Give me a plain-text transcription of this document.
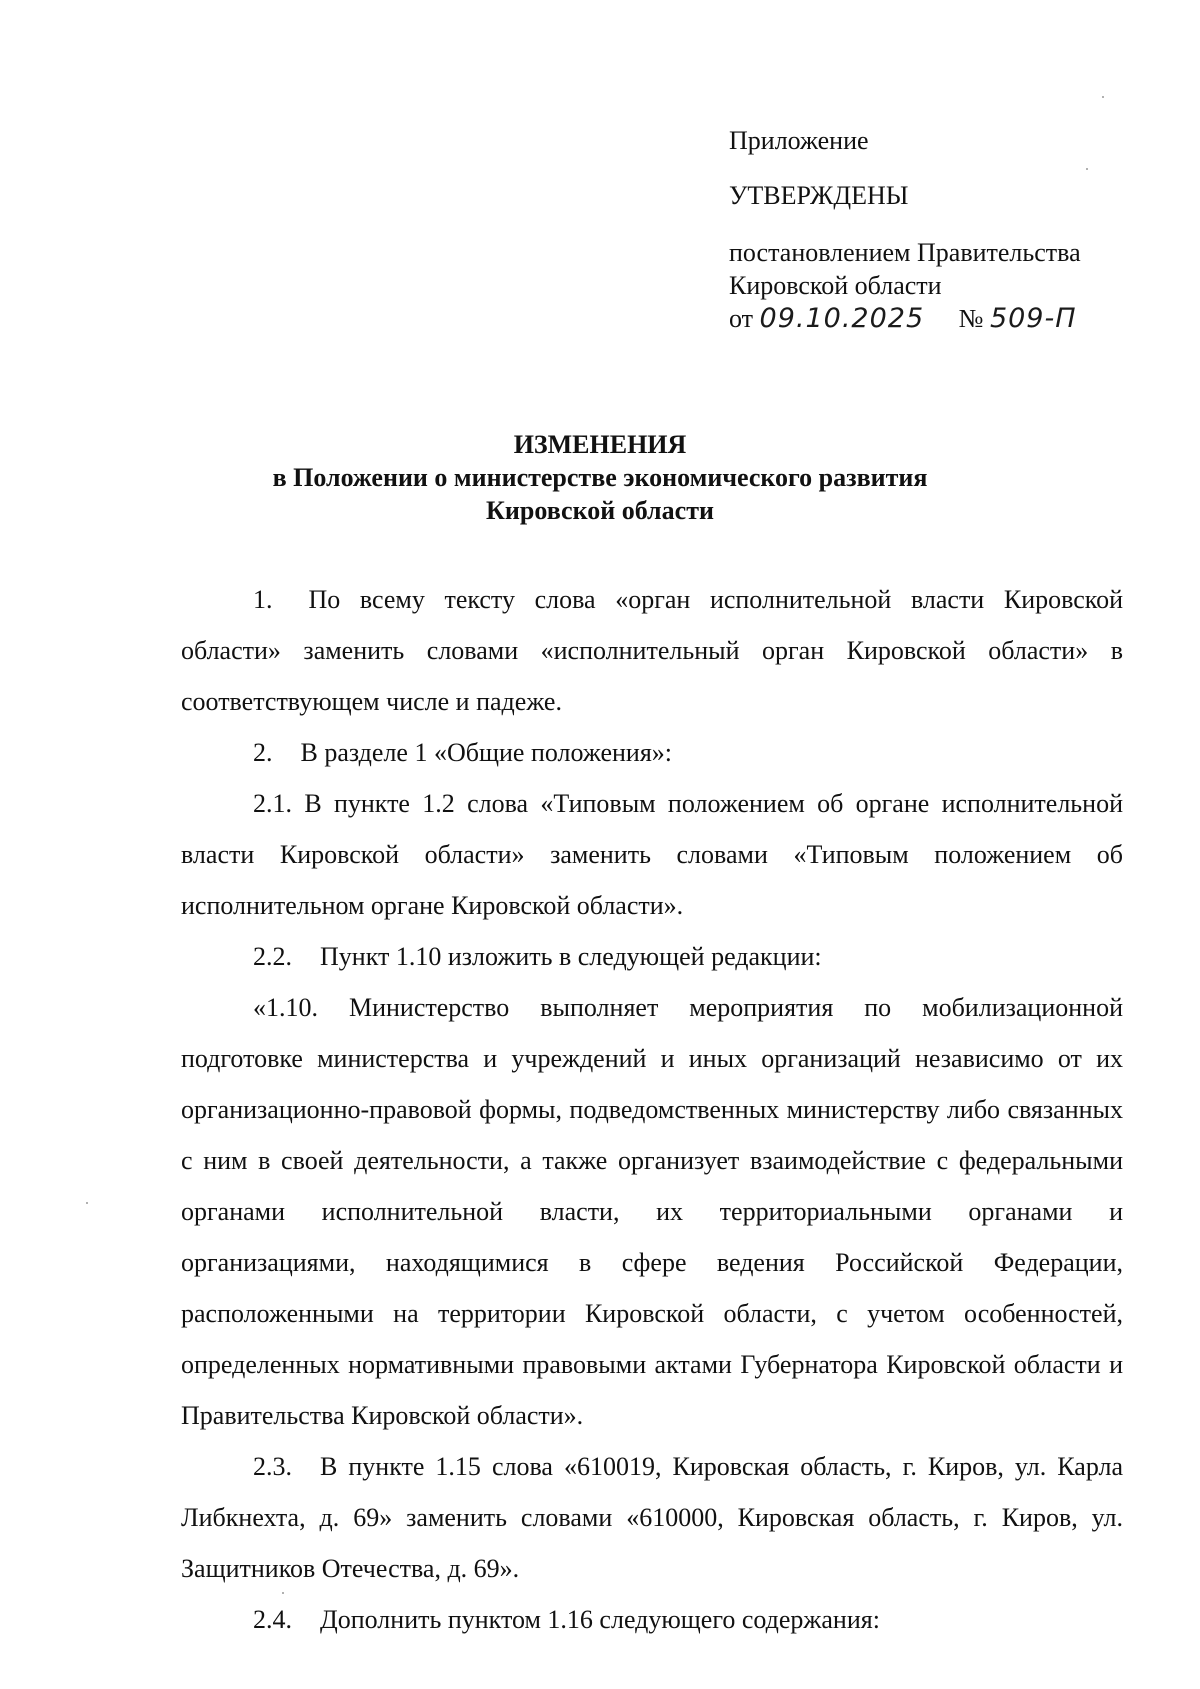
Приложение
УТВЕРЖДЕНЫ
постановлением Правительства
Кировской области
от 09.10.2025 № 509-П
ИЗМЕНЕНИЯ
в Положении о министерстве экономического развития
Кировской области

1. По всему тексту слова «орган исполнительной власти Кировской области» заменить словами «исполнительный орган Кировской области» в соответствующем числе и падеже.

2. В разделе 1 «Общие положения»:

2.1. В пункте 1.2 слова «Типовым положением об органе исполнительной власти Кировской области» заменить словами «Типовым положением об исполнительном органе Кировской области».

2.2. Пункт 1.10 изложить в следующей редакции:

«1.10. Министерство выполняет мероприятия по мобилизационной подготовке министерства и учреждений и иных организаций независимо от их организационно-правовой формы, подведомственных министерству либо связанных с ним в своей деятельности, а также организует взаимодействие с федеральными органами исполнительной власти, их территориальными органами и организациями, находящимися в сфере ведения Российской Федерации, расположенными на территории Кировской области, с учетом особенностей, определенных нормативными правовыми актами Губернатора Кировской области и Правительства Кировской области».

2.3. В пункте 1.15 слова «610019, Кировская область, г. Киров, ул. Карла Либкнехта, д. 69» заменить словами «610000, Кировская область, г. Киров, ул. Защитников Отечества, д. 69».

2.4. Дополнить пунктом 1.16 следующего содержания:
